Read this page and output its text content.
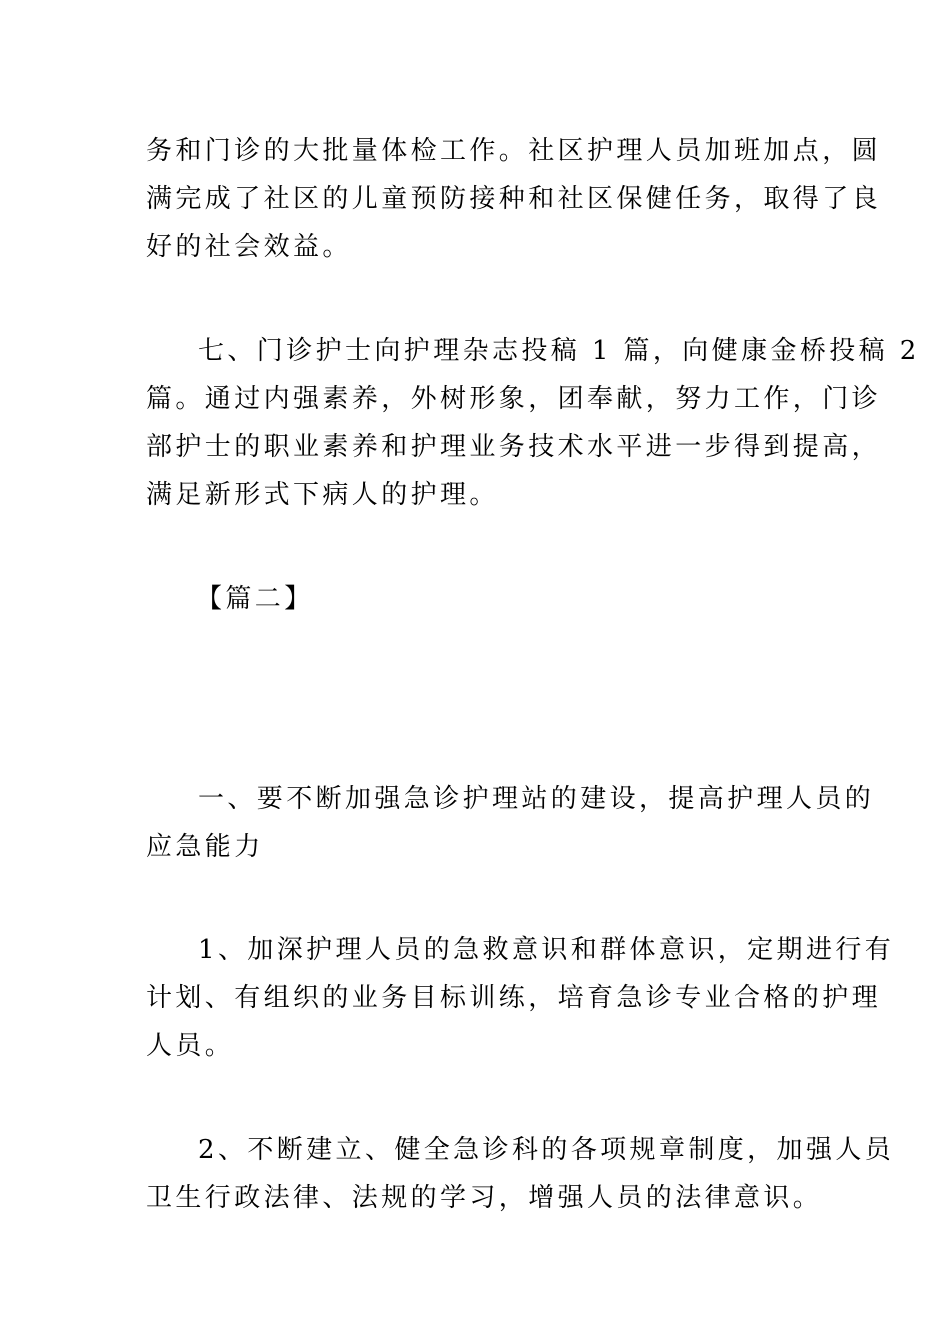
务和门诊的大批量体检工作。社区护理人员加班加点，圆
满完成了社区的儿童预防接种和社区保健任务，取得了良
好的社会效益。
七、门诊护士向护理杂志投稿 1 篇，向健康金桥投稿 2
篇。通过内强素养，外树形象，团奉献，努力工作，门诊
部护士的职业素养和护理业务技术水平进一步得到提高，
满足新形式下病人的护理。
【篇二】
一、要不断加强急诊护理站的建设，提高护理人员的
应急能力
1、加深护理人员的急救意识和群体意识，定期进行有
计划、有组织的业务目标训练，培育急诊专业合格的护理
人员。
2、不断建立、健全急诊科的各项规章制度，加强人员
卫生行政法律、法规的学习，增强人员的法律意识。
